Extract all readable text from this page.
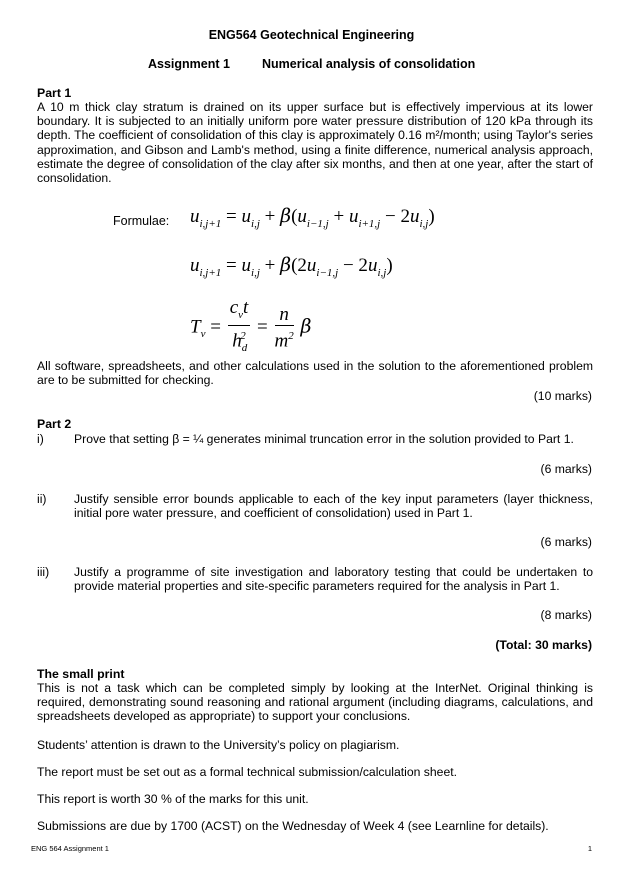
ENG564 Geotechnical Engineering
Assignment 1	Numerical analysis of consolidation
Part 1
A 10 m thick clay stratum is drained on its upper surface but is effectively impervious at its lower boundary. It is subjected to an initially uniform pore water pressure distribution of 120 kPa through its depth. The coefficient of consolidation of this clay is approximately 0.16 m²/month; using Taylor's series approximation, and Gibson and Lamb's method, using a finite difference, numerical analysis approach, estimate the degree of consolidation of the clay after six months, and then at one year, after the start of consolidation.
Formulae: $u_{i,j+1} = u_{i,j} + \beta(u_{i-1,j} + u_{i+1,j} - 2u_{i,j})$
$u_{i,j+1} = u_{i,j} + \beta(2u_{i-1,j} - 2u_{i,j})$
$T_v = \frac{c_vt}{h_d^2} = \frac{n}{m^2}$ β
All software, spreadsheets, and other calculations used in the solution to the aforementioned problem are to be submitted for checking.
(10 marks)
Part 2
i) Prove that setting β = ¼ generates minimal truncation error in the solution provided to Part 1.
(6 marks)
ii) Justify sensible error bounds applicable to each of the key input parameters (layer thickness, initial pore water pressure, and coefficient of consolidation) used in Part 1.
(6 marks)
iii) Justify a programme of site investigation and laboratory testing that could be undertaken to provide material properties and site-specific parameters required for the analysis in Part 1.
(8 marks)
(Total: 30 marks)
The small print
This is not a task which can be completed simply by looking at the InterNet. Original thinking is required, demonstrating sound reasoning and rational argument (including diagrams, calculations, and spreadsheets developed as appropriate) to support your conclusions.
Students’ attention is drawn to the University’s policy on plagiarism.
The report must be set out as a formal technical submission/calculation sheet.
This report is worth 30 % of the marks for this unit.
Submissions are due by 1700 (ACST) on the Wednesday of Week 4 (see Learnline for details).
ENG 564 Assignment 1	1
